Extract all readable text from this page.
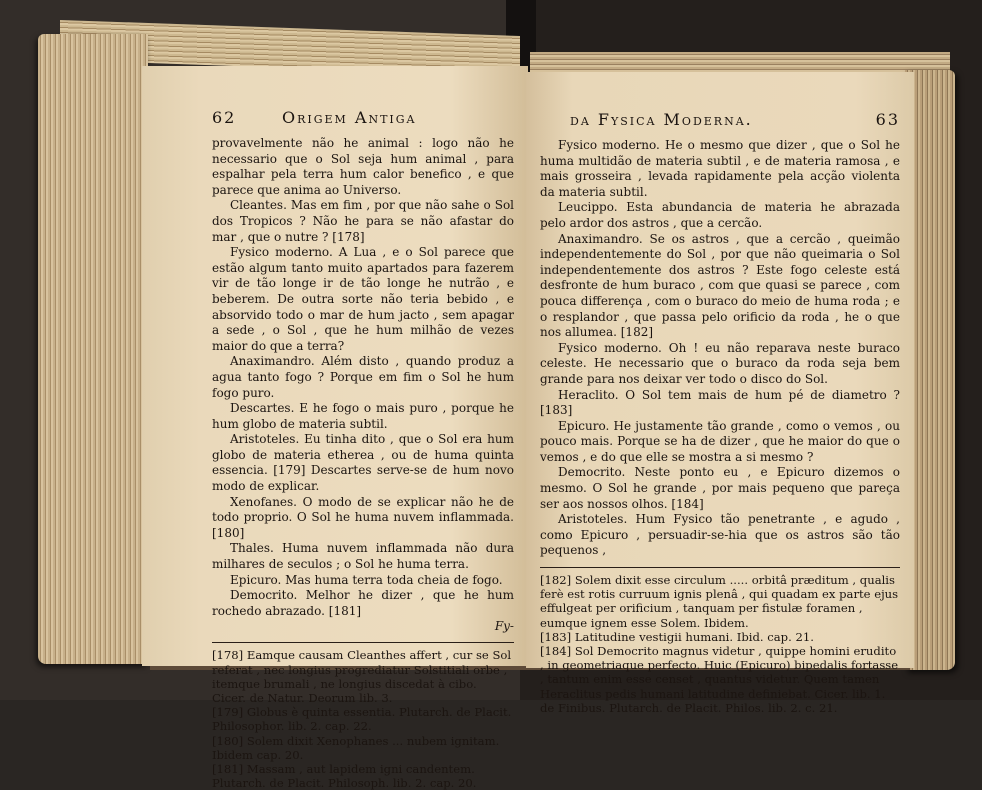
62	Origem Antiga

provavelmente não he animal : logo não he necessario que o Sol seja hum animal , para espalhar pela terra hum calor benefico , e que parece que anima ao Universo.

Cleantes. Mas em fim , por que não sahe o Sol dos Tropicos ? Não he para se não afastar do mar , que o nutre ? [178]

Fysico moderno. A Lua , e o Sol parece que estão algum tanto muito apartados para fazerem vir de tão longe ir de tão longe he nutrão , e beberem. De outra sorte não teria bebido , e absorvido todo o mar de hum jacto , sem apagar a sede , o Sol , que he hum milhão de vezes maior do que a terra?

Anaximandro. Além disto , quando produz a agua tanto fogo ? Porque em fim o Sol he hum fogo puro.

Descartes. E he fogo o mais puro , porque he hum globo de materia subtil.

Aristoteles. Eu tinha dito , que o Sol era hum globo de materia etherea , ou de huma quinta essencia. [179] Descartes serve-se de hum novo modo de explicar.

Xenofanes. O modo de se explicar não he de todo proprio. O Sol he huma nuvem inflammada. [180]

Thales. Huma nuvem inflammada não dura milhares de seculos ; o Sol he huma terra.

Epicuro. Mas huma terra toda cheia de fogo.

Democrito. Melhor he dizer , que he hum rochedo abrazado. [181]

Fy-

[178] Eamque causam Cleanthes affert , cur se Sol referat , nec longius progrediatur Solstitiali orbe , itemque brumali , ne longius discedat à cibo. Cicer. de Natur. Deorum lib. 3.

[179] Globus è quinta essentia. Plutarch. de Placit. Philosophor. lib. 2. cap. 22.

[180] Solem dixit Xenophanes ... nubem ignitam. Ibidem cap. 20.

[181] Massam , aut lapidem igni candentem. Plutarch. de Placit. Philosoph. lib. 2. cap. 20.

da Fysica Moderna.	63

Fysico moderno. He o mesmo que dizer , que o Sol he huma multidão de materia subtil , e de materia ramosa , e mais grosseira , levada rapidamente pela acção violenta da materia subtil.

Leucippo. Esta abundancia de materia he abrazada pelo ardor dos astros , que a cercão.

Anaximandro. Se os astros , que a cercão , queimão independentemente do Sol , por que não queimaria o Sol independentemente dos astros ? Este fogo celeste está desfronte de hum buraco , com que quasi se parece , com pouca differença , com o buraco do meio de huma roda ; e o resplandor , que passa pelo orificio da roda , he o que nos allumea. [182]

Fysico moderno. Oh ! eu não reparava neste buraco celeste. He necessario que o buraco da roda seja bem grande para nos deixar ver todo o disco do Sol.

Heraclito. O Sol tem mais de hum pé de diametro ? [183]

Epicuro. He justamente tão grande , como o vemos , ou pouco mais. Porque se ha de dizer , que he maior do que o vemos , e do que elle se mostra a si mesmo ?

Democrito. Neste ponto eu , e Epicuro dizemos o mesmo. O Sol he grande , por mais pequeno que pareça ser aos nossos olhos. [184]

Aristoteles. Hum Fysico tão penetrante , e agudo , como Epicuro , persuadir-se-hia que os astros são tão pequenos ,

[182] Solem dixit esse circulum ..... orbitâ præditum , qualis ferè est rotis curruum ignis plenâ , qui quadam ex parte ejus effulgeat per orificium , tanquam per fistulæ foramen , eumque ignem esse Solem. Ibidem.

[183] Latitudine vestigii humani. Ibid. cap. 21.

[184] Sol Democrito magnus videtur , quippe homini erudito , in geometriaque perfecto. Huic (Epicuro) bipedalis fortasse , tantum enim esse censet , quantus videtur. Quem tamen Heraclitus pedis humani latitudine definiebat. Cicer. lib. 1. de Finibus. Plutarch. de Placit. Philos. lib. 2. c. 21.
